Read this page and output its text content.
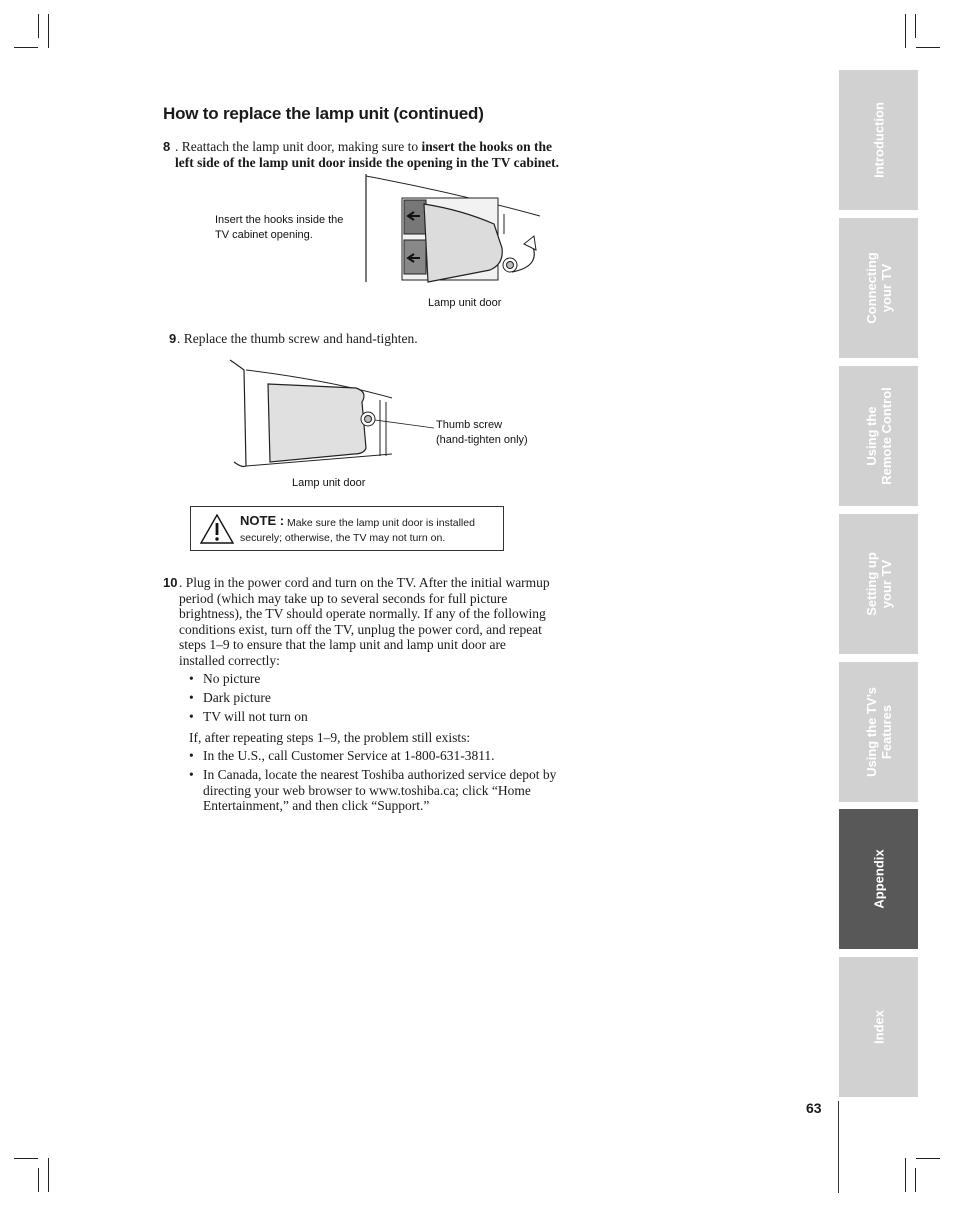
How to replace the lamp unit (continued)
8 . Reattach the lamp unit door, making sure to insert the hooks on the left side of the lamp unit door inside the opening in the TV cabinet.
Insert the hooks inside the TV cabinet opening.
Lamp unit door
9 . Replace the thumb screw and hand-tighten.
Thumb screw
(hand-tighten only)
Lamp unit door
NOTE : Make sure the lamp unit door is installed securely; otherwise, the TV may not turn on.
10 . Plug in the power cord and turn on the TV. After the initial warmup period (which may take up to several seconds for full picture brightness), the TV should operate normally. If any of the following conditions exist, turn off the TV, unplug the power cord, and repeat steps 1–9 to ensure that the lamp unit and lamp unit door are installed correctly:
• No picture
• Dark picture
• TV will not turn on
If, after repeating steps 1–9, the problem still exists:
• In the U.S., call Customer Service at 1-800-631-3811.
• In Canada, locate the nearest Toshiba authorized service depot by directing your web browser to www.toshiba.ca; click “Home Entertainment,” and then click “Support.”
Introduction
Connecting
your TV
Using the
Remote Control
Setting up
your TV
Using the TV’s
Features
Appendix
Index
63
